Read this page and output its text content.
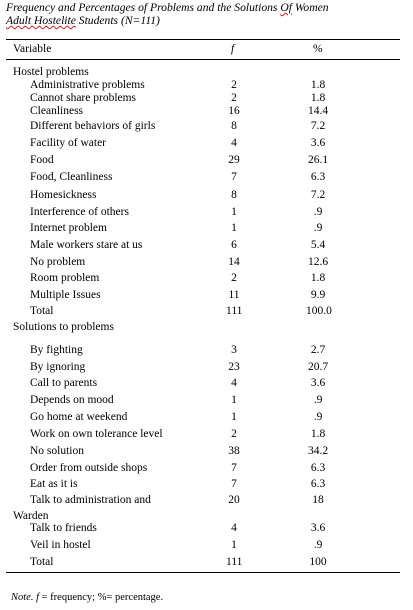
Frequency and Percentages of Problems and the Solutions Of Women
Adult Hostelite Students (N=111)
Variable	f	%
Hostel problems
Administrative problems	2	1.8
Cannot share problems	2	1.8
Cleanliness	16	14.4
Different behaviors of girls	8	7.2
Facility of water	4	3.6
Food	29	26.1
Food, Cleanliness	7	6.3
Homesickness	8	7.2
Interference of others	1	.9
Internet problem	1	.9
Male workers stare at us	6	5.4
No problem	14	12.6
Room problem	2	1.8
Multiple Issues	11	9.9
Total	111	100.0
Solutions to problems
By fighting	3	2.7
By ignoring	23	20.7
Call to parents	4	3.6
Depends on mood	1	.9
Go home at weekend	1	.9
Work on own tolerance level	2	1.8
No solution	38	34.2
Order from outside shops	7	6.3
Eat as it is	7	6.3
Talk to administration and	20	18
Warden
Talk to friends	4	3.6
Veil in hostel	1	.9
Total	111	100
Note. f = frequency; %= percentage.
